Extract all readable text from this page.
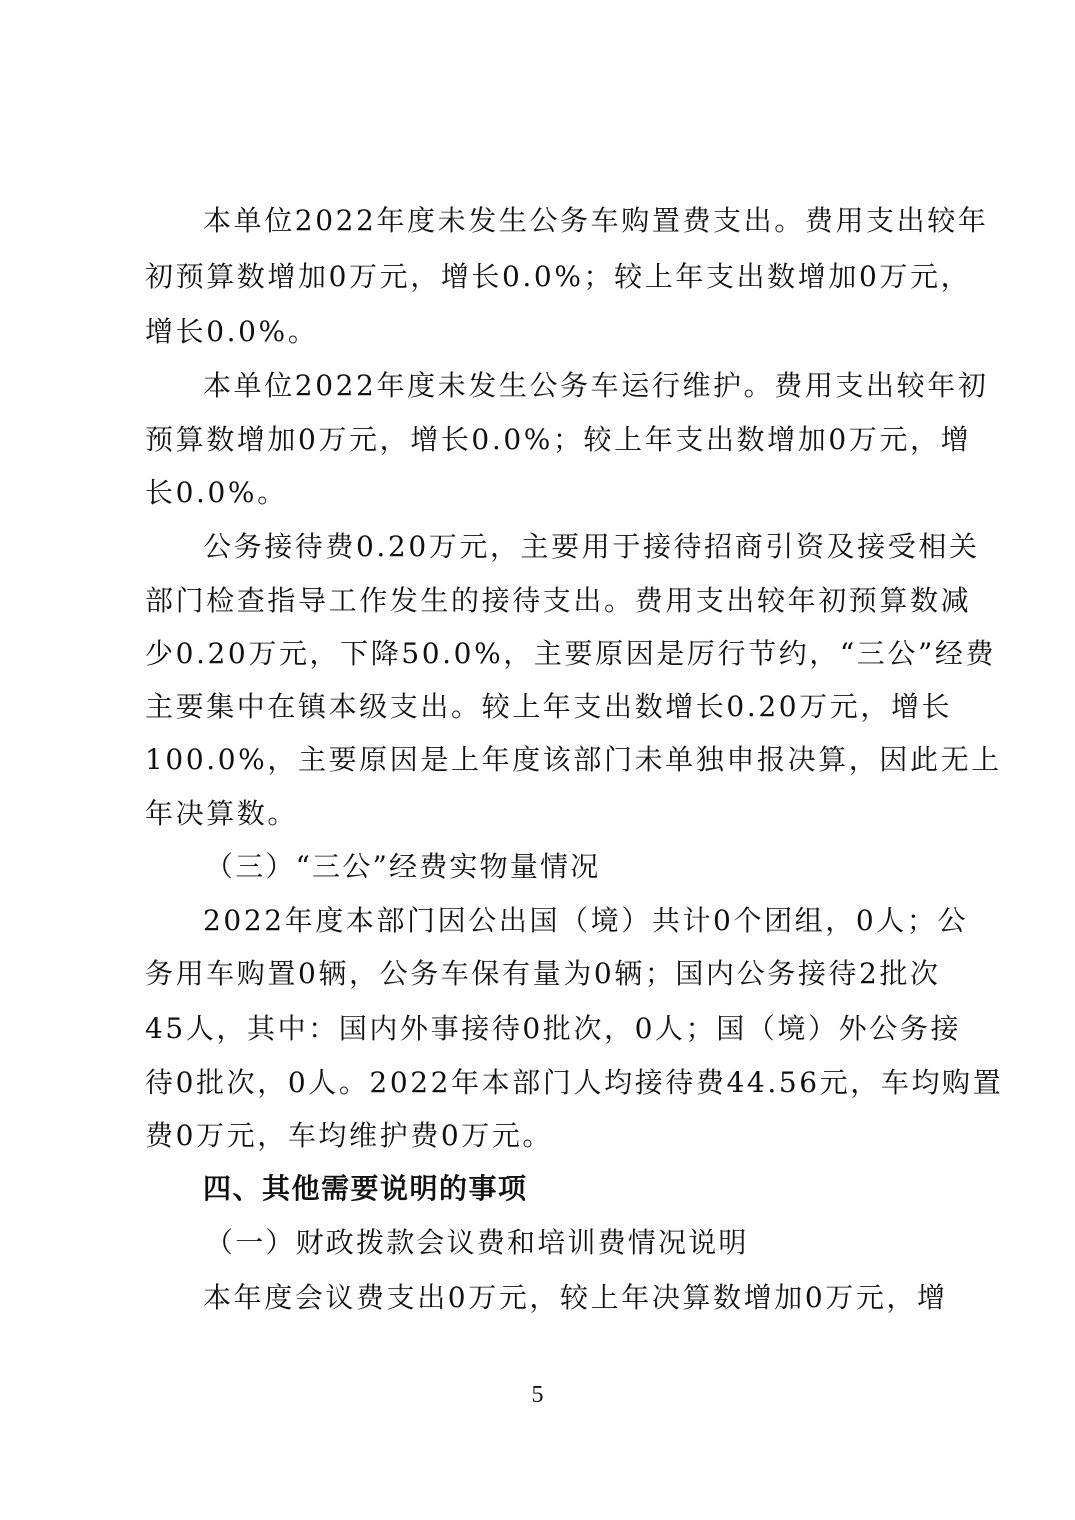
本单位2022年度未发生公务车购置费支出。费用支出较年
初预算数增加0万元，增长0.0%；较上年支出数增加0万元，
增长0.0%。
本单位2022年度未发生公务车运行维护。费用支出较年初
预算数增加0万元，增长0.0%；较上年支出数增加0万元，增
长0.0%。
公务接待费0.20万元，主要用于接待招商引资及接受相关
部门检查指导工作发生的接待支出。费用支出较年初预算数减
少0.20万元，下降50.0%，主要原因是厉行节约，“三公”经费
主要集中在镇本级支出。较上年支出数增长0.20万元，增长
100.0%，主要原因是上年度该部门未单独申报决算，因此无上
年决算数。
（三）“三公”经费实物量情况
2022年度本部门因公出国（境）共计0个团组，0人；公
务用车购置0辆，公务车保有量为0辆；国内公务接待2批次
45人，其中：国内外事接待0批次，0人；国（境）外公务接
待0批次，0人。2022年本部门人均接待费44.56元，车均购置
费0万元，车均维护费0万元。
四、其他需要说明的事项
（一）财政拨款会议费和培训费情况说明
本年度会议费支出0万元，较上年决算数增加0万元，增
5
